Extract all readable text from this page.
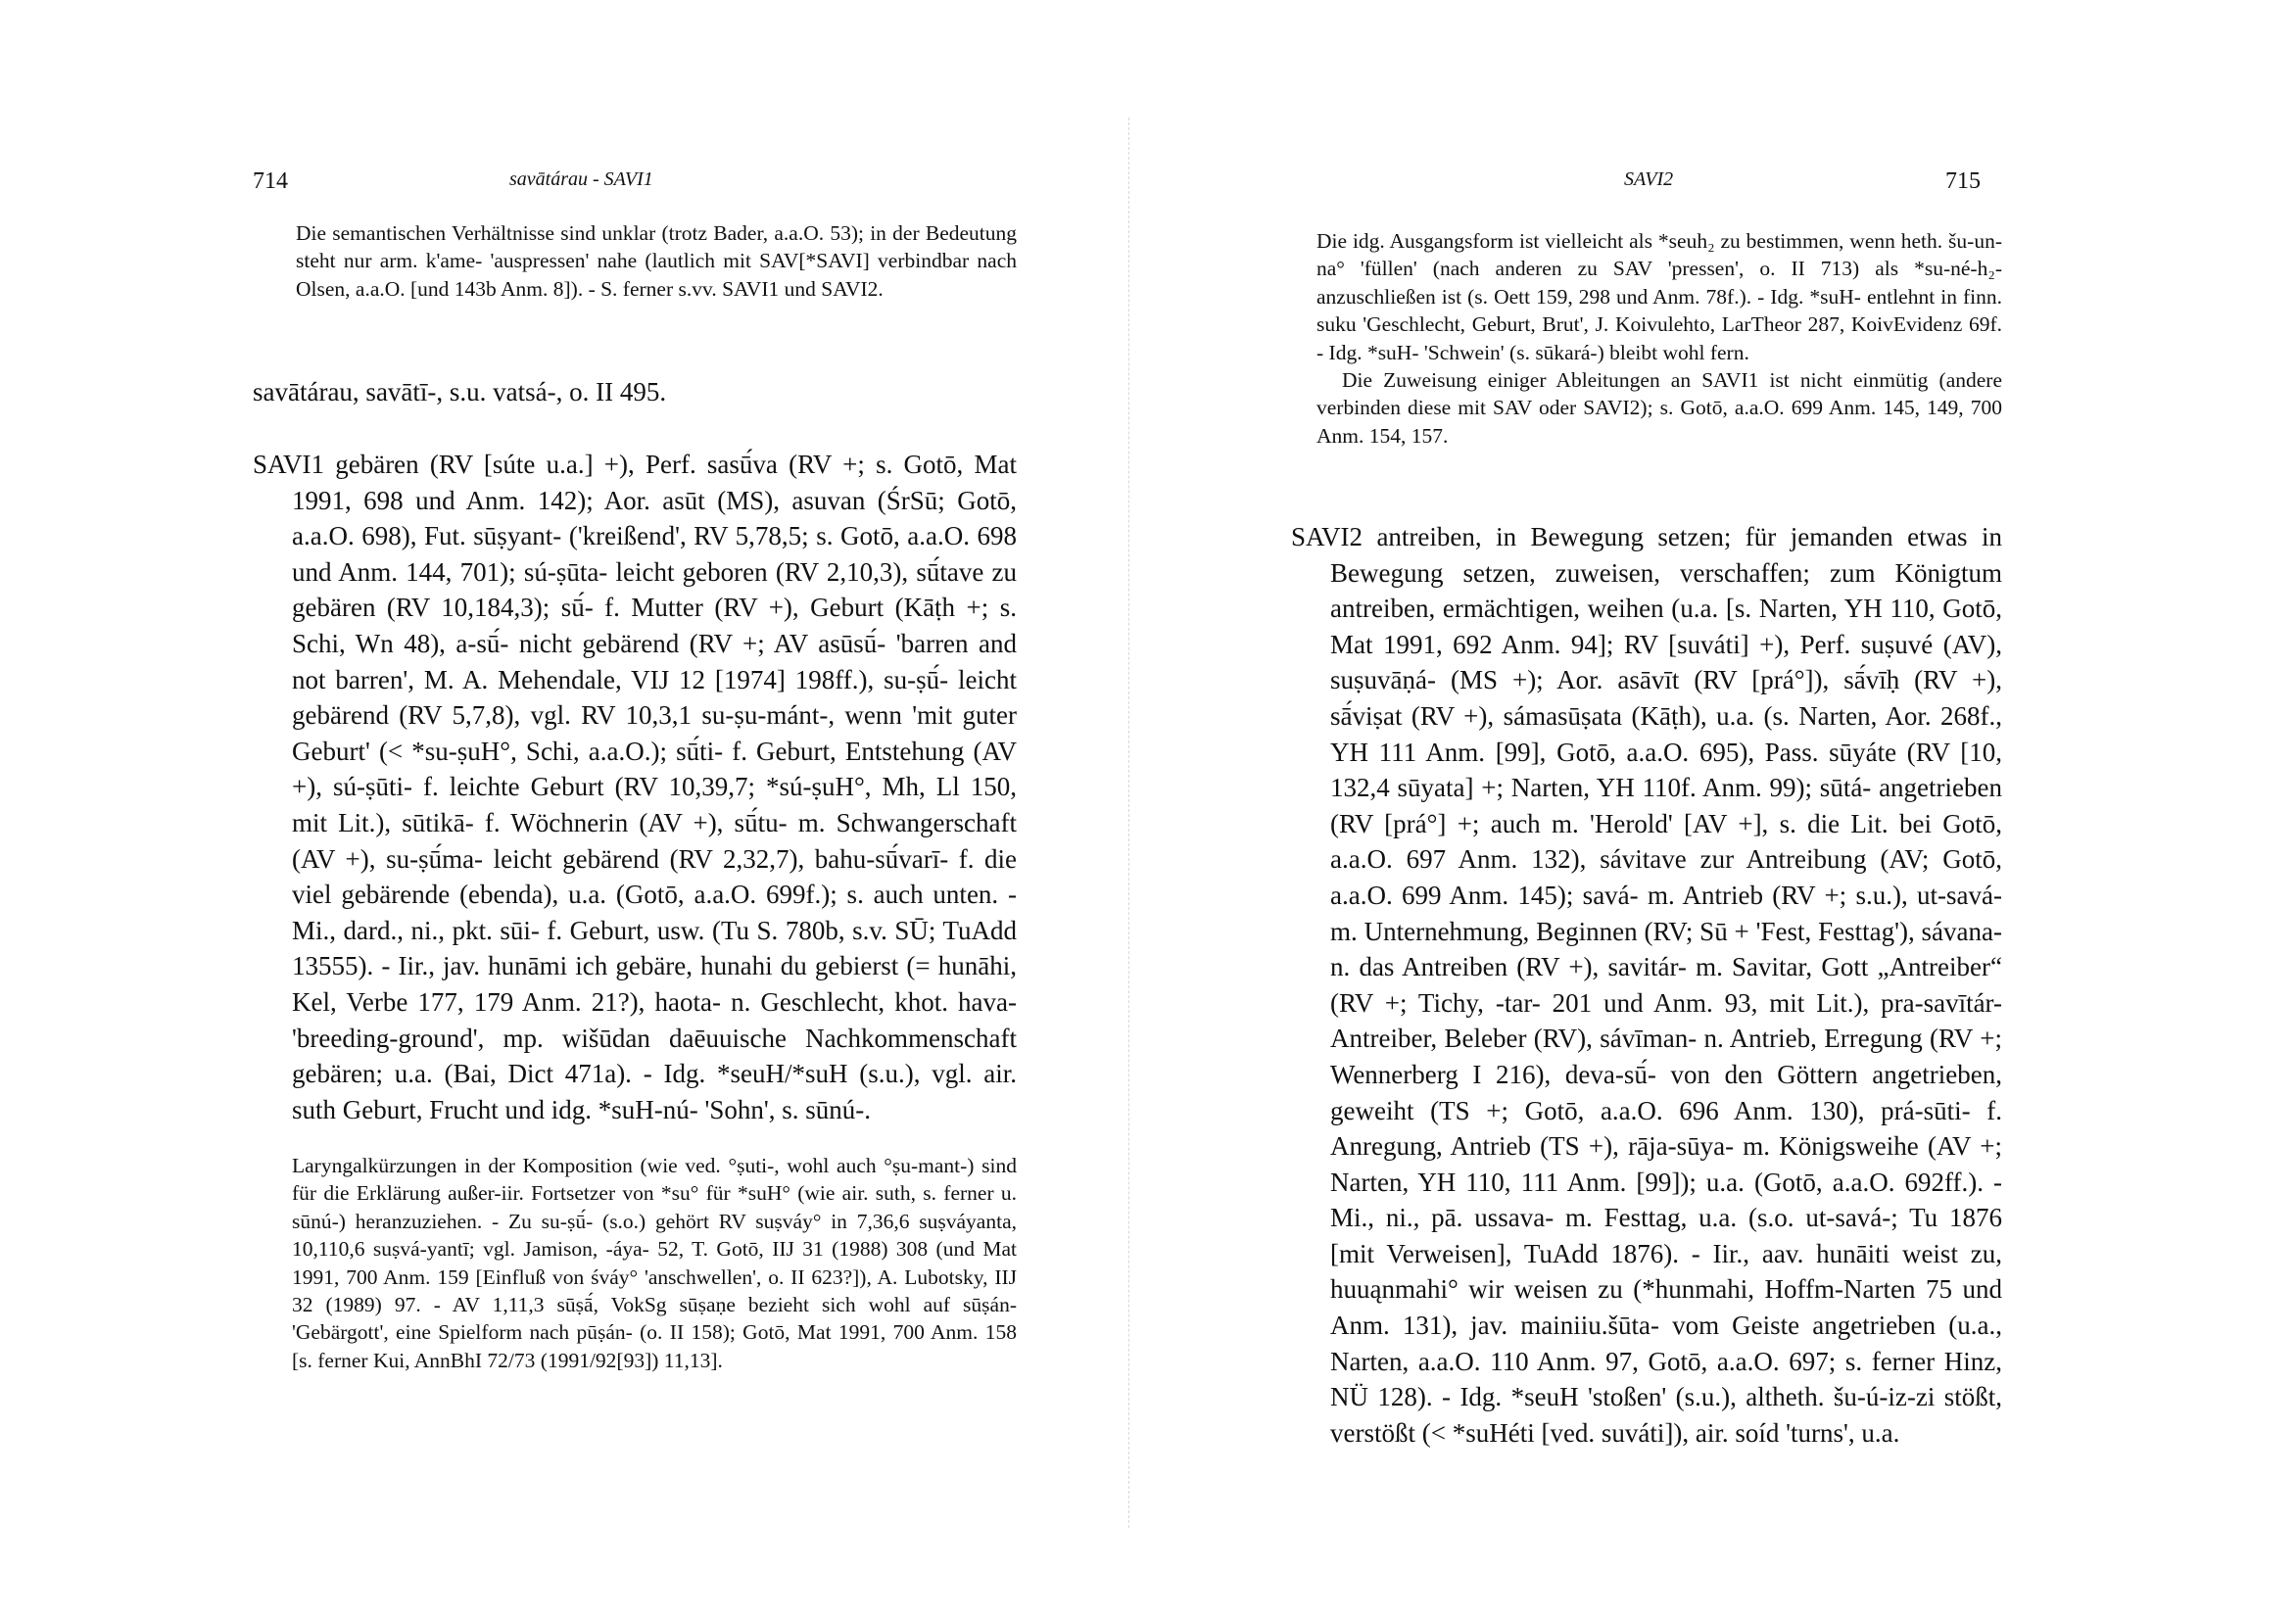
714	savātárau - SAVI1

Die semantischen Verhältnisse sind unklar (trotz Bader, a.a.O. 53); in der Bedeutung steht nur arm. k'ame- 'auspressen' nahe (lautlich mit SAV[*SAVI] verbindbar nach Olsen, a.a.O. [und 143b Anm. 8]). - S. ferner s.vv. SAVI1 und SAVI2.

savātárau, savātī-, s.u. vatsá-, o. II 495.

SAVI1 gebären (RV [súte u.a.] +), Perf. sasū́va (RV +; s. Gotō, Mat 1991, 698 und Anm. 142); Aor. asūt (MS), asuvan (ŚrSū; Gotō, a.a.O. 698), Fut. sūṣyant- ('kreißend', RV 5,78,5; s. Gotō, a.a.O. 698 und Anm. 144, 701); sú-ṣūta- leicht geboren (RV 2,10,3), sū́tave zu gebären (RV 10,184,3); sū́- f. Mutter (RV +), Geburt (Kāṭh +; s. Schi, Wn 48), a-sū́- nicht gebärend (RV +; AV asūsū́- 'barren and not barren', M. A. Mehendale, VIJ 12 [1974] 198ff.), su-ṣū́- leicht gebärend (RV 5,7,8), vgl. RV 10,3,1 su-ṣu-mánt-, wenn 'mit guter Geburt' (< *su-ṣuH°, Schi, a.a.O.); sū́ti- f. Geburt, Entstehung (AV +), sú-ṣūti- f. leichte Geburt (RV 10,39,7; *sú-ṣuH°, Mh, Ll 150, mit Lit.), sūtikā- f. Wöchnerin (AV +), sū́tu- m. Schwangerschaft (AV +), su-ṣū́ma- leicht gebärend (RV 2,32,7), bahu-sū́varī- f. die viel gebärende (ebenda), u.a. (Gotō, a.a.O. 699f.); s. auch unten. - Mi., dard., ni., pkt. sūi- f. Geburt, usw. (Tu S. 780b, s.v. SŪ; TuAdd 13555). - Iir., jav. hunāmi ich gebäre, hunahi du gebierst (= hunāhi, Kel, Verbe 177, 179 Anm. 21?), haota- n. Geschlecht, khot. hava- 'breeding-ground', mp. wišūdan daēuuische Nachkommenschaft gebären; u.a. (Bai, Dict 471a). - Idg. *seuH/*suH (s.u.), vgl. air. suth Geburt, Frucht und idg. *suH-nú- 'Sohn', s. sūnú-.

Laryngalkürzungen in der Komposition (wie ved. °ṣuti-, wohl auch °ṣu-mant-) sind für die Erklärung außer-iir. Fortsetzer von *su° für *suH° (wie air. suth, s. ferner u. sūnú-) heranzuziehen. - Zu su-ṣū́- (s.o.) gehört RV suṣváy° in 7,36,6 suṣváyanta, 10,110,6 suṣvá-yantī; vgl. Jamison, -áya- 52, T. Gotō, IIJ 31 (1988) 308 (und Mat 1991, 700 Anm. 159 [Einfluß von śváy° 'anschwellen', o. II 623?]), A. Lubotsky, IIJ 32 (1989) 97. - AV 1,11,3 sūṣā́, VokSg sūṣaṇe bezieht sich wohl auf sūṣán- 'Gebärgott', eine Spielform nach pūṣán- (o. II 158); Gotō, Mat 1991, 700 Anm. 158 [s. ferner Kui, AnnBhI 72/73 (1991/92[93]) 11,13].

SAVI2	715

Die idg. Ausgangsform ist vielleicht als *seuh₂ zu bestimmen, wenn heth. šu-un-na° 'füllen' (nach anderen zu SAV 'pressen', o. II 713) als *su-né-h₂- anzuschließen ist (s. Oett 159, 298 und Anm. 78f.). - Idg. *suH- entlehnt in finn. suku 'Geschlecht, Geburt, Brut', J. Koivulehto, LarTheor 287, KoivEvidenz 69f. - Idg. *suH- 'Schwein' (s. sūkará-) bleibt wohl fern.

Die Zuweisung einiger Ableitungen an SAVI1 ist nicht einmütig (andere verbinden diese mit SAV oder SAVI2); s. Gotō, a.a.O. 699 Anm. 145, 149, 700 Anm. 154, 157.

SAVI2 antreiben, in Bewegung setzen; für jemanden etwas in Bewegung setzen, zuweisen, verschaffen; zum Königtum antreiben, ermächtigen, weihen (u.a. [s. Narten, YH 110, Gotō, Mat 1991, 692 Anm. 94]; RV [suváti] +), Perf. suṣuvé (AV), suṣuvāṇá- (MS +); Aor. asāvīt (RV [prá°]), sā́vīḥ (RV +), sā́viṣat (RV +), sámasūṣata (Kāṭh), u.a. (s. Narten, Aor. 268f., YH 111 Anm. [99], Gotō, a.a.O. 695), Pass. sūyáte (RV [10, 132,4 sūyata] +; Narten, YH 110f. Anm. 99); sūtá- angetrieben (RV [prá°] +; auch m. 'Herold' [AV +], s. die Lit. bei Gotō, a.a.O. 697 Anm. 132), sávitave zur Antreibung (AV; Gotō, a.a.O. 699 Anm. 145); savá- m. Antrieb (RV +; s.u.), ut-savá- m. Unternehmung, Beginnen (RV; Sū + 'Fest, Festtag'), sávana- n. das Antreiben (RV +), savitár- m. Savitar, Gott „Antreiber“ (RV +; Tichy, -tar- 201 und Anm. 93, mit Lit.), pra-savītár- Antreiber, Beleber (RV), sávīman- n. Antrieb, Erregung (RV +; Wennerberg I 216), deva-sū́- von den Göttern angetrieben, geweiht (TS +; Gotō, a.a.O. 696 Anm. 130), prá-sūti- f. Anregung, Antrieb (TS +), rāja-sūya- m. Königsweihe (AV +; Narten, YH 110, 111 Anm. [99]); u.a. (Gotō, a.a.O. 692ff.). - Mi., ni., pā. ussava- m. Festtag, u.a. (s.o. ut-savá-; Tu 1876 [mit Verweisen], TuAdd 1876). - Iir., aav. hunāiti weist zu, huuąnmahi° wir weisen zu (*hunmahi, Hoffm-Narten 75 und Anm. 131), jav. mainiiu.šūta- vom Geiste angetrieben (u.a., Narten, a.a.O. 110 Anm. 97, Gotō, a.a.O. 697; s. ferner Hinz, NÜ 128). - Idg. *seuH 'stoßen' (s.u.), altheth. šu-ú-iz-zi stößt, verstößt (< *suHéti [ved. suváti]), air. soíd 'turns', u.a.
